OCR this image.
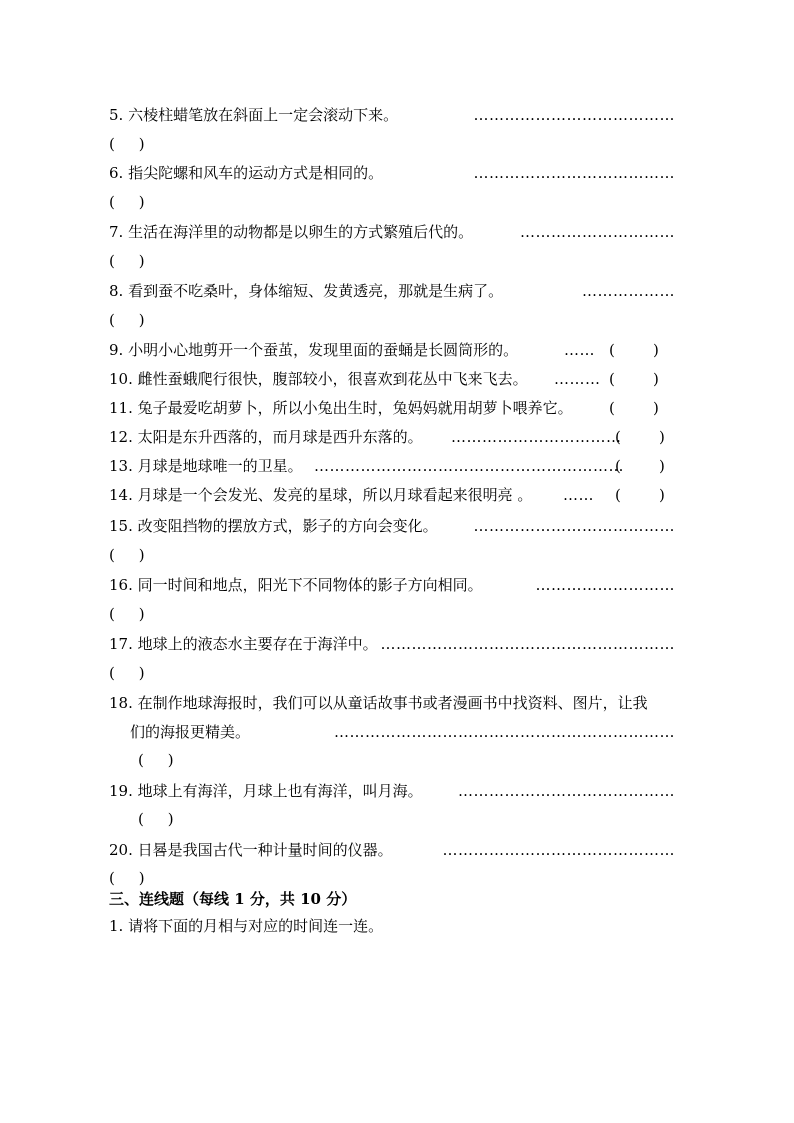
5. 六棱柱蜡笔放在斜面上一定会滚动下来。	…………………………………
(     )
6. 指尖陀螺和风车的运动方式是相同的。	…………………………………
(     )
7. 生活在海洋里的动物都是以卵生的方式繁殖后代的。	…………………………
(     )
8. 看到蚕不吃桑叶，身体缩短、发黄透亮，那就是生病了。	………………
(     )
9. 小明小心地剪开一个蚕茧，发现里面的蚕蛹是长圆筒形的。	…… (        )
10. 雌性蚕蛾爬行很快，腹部较小，很喜欢到花丛中飞来飞去。 ……… (        )
11. 兔子最爱吃胡萝卜，所以小兔出生时，兔妈妈就用胡萝卜喂养它。 (        )
12. 太阳是东升西落的，而月球是西升东落的。 ……………………………
(        )
13. 月球是地球唯一的卫星。 ……………………………………………………
(        )
14. 月球是一个会发光、发亮的星球，所以月球看起来很明亮 。 …… (        )
15. 改变阻挡物的摆放方式，影子的方向会变化。 …………………………………
(     )
16. 同一时间和地点，阳光下不同物体的影子方向相同。	………………………
(     )
17. 地球上的液态水主要存在于海洋中。 …………………………………………………
(     )
18. 在制作地球海报时，我们可以从童话故事书或者漫画书中找资料、图片，让我
们的海报更精美。	…………………………………………………………
(     )
19. 地球上有海洋，月球上也有海洋，叫月海。 ……………………………………
(     )
20. 日晷是我国古代一种计量时间的仪器。	………………………………………
(     )
三、连线题（每线 1 分，共 10 分）
1. 请将下面的月相与对应的时间连一连。
